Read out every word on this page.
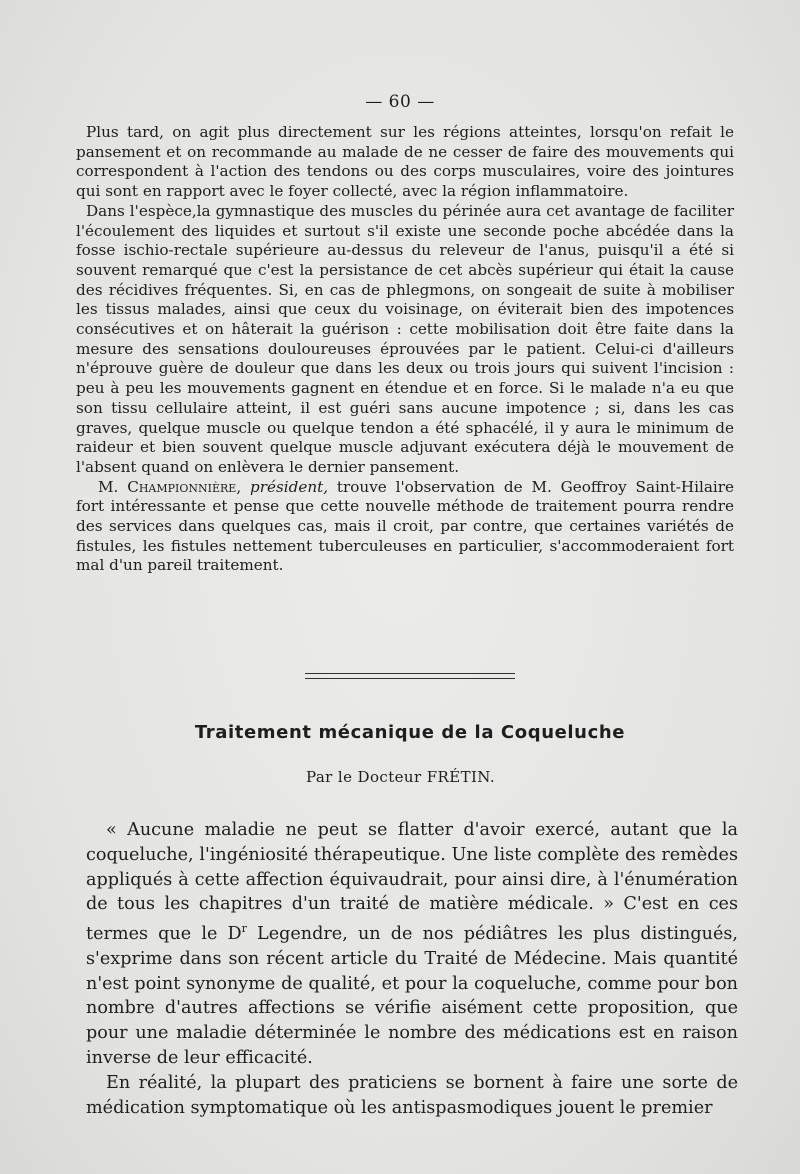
— 60 —

Plus tard, on agit plus directement sur les régions atteintes, lorsqu'on refait le pansement et on recommande au malade de ne cesser de faire des mouvements qui correspondent à l'action des tendons ou des corps musculaires, voire des jointures qui sont en rapport avec le foyer collecté, avec la région inflammatoire.

Dans l'espèce,la gymnastique des muscles du périnée aura cet avantage de faciliter l'écoulement des liquides et surtout s'il existe une seconde poche abcédée dans la fosse ischio-rectale supérieure au-dessus du releveur de l'anus, puisqu'il a été si souvent remarqué que c'est la persistance de cet abcès supérieur qui était la cause des récidives fréquentes. Si, en cas de phlegmons, on songeait de suite à mobiliser les tissus malades, ainsi que ceux du voisinage, on éviterait bien des impotences consécutives et on hâterait la guérison : cette mobilisation doit être faite dans la mesure des sensations douloureuses éprouvées par le patient. Celui-ci d'ailleurs n'éprouve guère de douleur que dans les deux ou trois jours qui suivent l'incision : peu à peu les mouvements gagnent en étendue et en force. Si le malade n'a eu que son tissu cellulaire atteint, il est guéri sans aucune impotence ; si, dans les cas graves, quelque muscle ou quelque tendon a été sphacélé, il y aura le minimum de raideur et bien souvent quelque muscle adjuvant exécutera déjà le mouvement de l'absent quand on enlèvera le dernier pansement.

M. Championnière, président, trouve l'observation de M. Geoffroy Saint-Hilaire fort intéressante et pense que cette nouvelle méthode de traitement pourra rendre des services dans quelques cas, mais il croit, par contre, que certaines variétés de fistules, les fistules nettement tuberculeuses en particulier, s'accommoderaient fort mal d'un pareil traitement.

Traitement mécanique de la Coqueluche
Par le Docteur FRÉTIN.

« Aucune maladie ne peut se flatter d'avoir exercé, autant que la coqueluche, l'ingéniosité thérapeutique. Une liste complète des remèdes appliqués à cette affection équivaudrait, pour ainsi dire, à l'énumération de tous les chapitres d'un traité de matière médicale. » C'est en ces termes que le $D^r$ Legendre, un de nos pédiâtres les plus distingués, s'exprime dans son récent article du Traité de Médecine. Mais quantité n'est point synonyme de qualité, et pour la coqueluche, comme pour bon nombre d'autres affections se vérifie aisément cette proposition, que pour une maladie déterminée le nombre des médications est en raison inverse de leur efficacité.

En réalité, la plupart des praticiens se bornent à faire une sorte de médication symptomatique où les antispasmodiques jouent le premier
